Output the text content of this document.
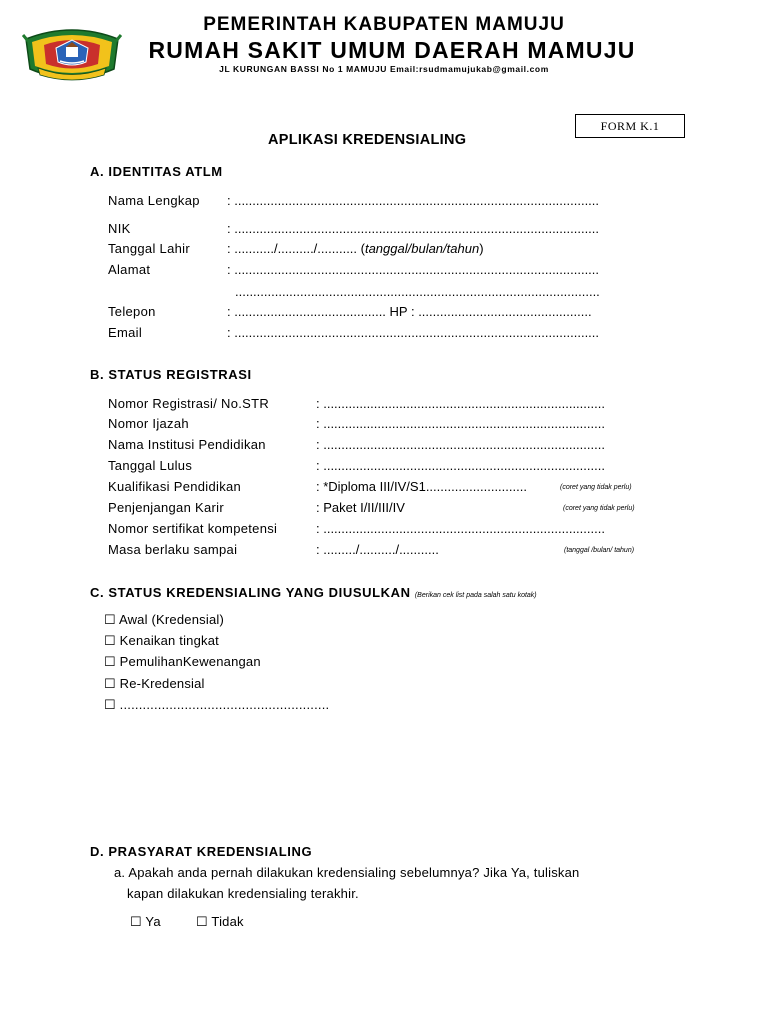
PEMERINTAH KABUPATEN MAMUJU
RUMAH SAKIT UMUM DAERAH MAMUJU
JL KURUNGAN BASSI No 1 MAMUJU Email:rsudmamujukab@gmail.com
FORM K.1
APLIKASI KREDENSIALING
A. IDENTITAS ATLM
Nama Lengkap : .....................................................................................................
NIK	: .....................................................................................................
Tanggal Lahir	: .........../........../........... (tanggal/bulan/tahun)
Alamat	: .....................................................................................................
.....................................................................................................
Telepon	: .......................................... HP : ................................................
Email	: .....................................................................................................
B. STATUS REGISTRASI
Nomor Registrasi/ No.STR	: ..............................................................................
Nomor Ijazah	: ..............................................................................
Nama Institusi Pendidikan	: ..............................................................................
Tanggal Lulus	: ..............................................................................
Kualifikasi Pendidikan	: *Diploma III/IV/S1............................	(coret yang tidak perlu)
Penjenjangan Karir	: Paket I/II/III/IV	(coret yang tidak perlu)
Nomor sertifikat kompetensi	: ..............................................................................
Masa berlaku sampai	: ........./........../...........	(tanggal /bulan/ tahun)
C. STATUS KREDENSIALING YANG DIUSULKAN (Berikan cek list pada salah satu kotak)
☐ Awal (Kredensial)
☐ Kenaikan tingkat
☐ PemulihanKewenangan
☐ Re-Kredensial
☐ .......................................................
D. PRASYARAT KREDENSIALING
a. Apakah anda pernah dilakukan kredensialing sebelumnya? Jika Ya, tuliskan
kapan dilakukan kredensialing terakhir.
☐ Ya	☐ Tidak
